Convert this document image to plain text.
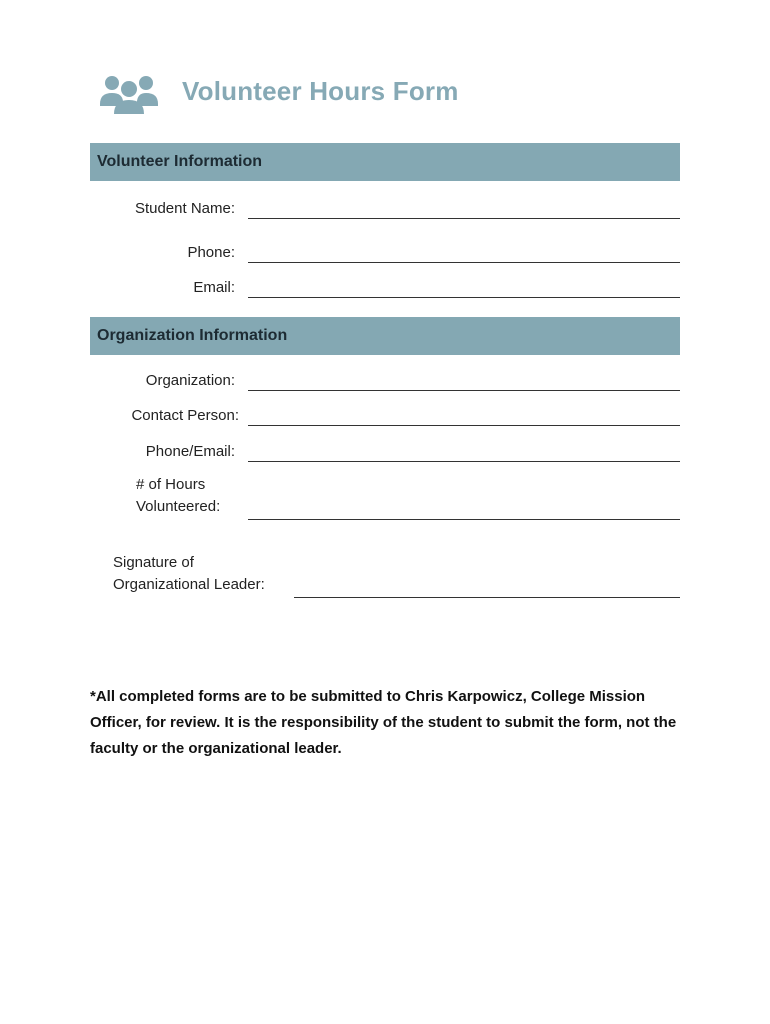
Volunteer Hours Form
Volunteer Information
Student Name:
Phone:
Email:
Organization Information
Organization:
Contact Person:
Phone/Email:
# of Hours
Volunteered:
Signature of
Organizational Leader:
*All completed forms are to be submitted to Chris Karpowicz, College Mission Officer, for review. It is the responsibility of the student to submit the form, not the faculty or the organizational leader.
